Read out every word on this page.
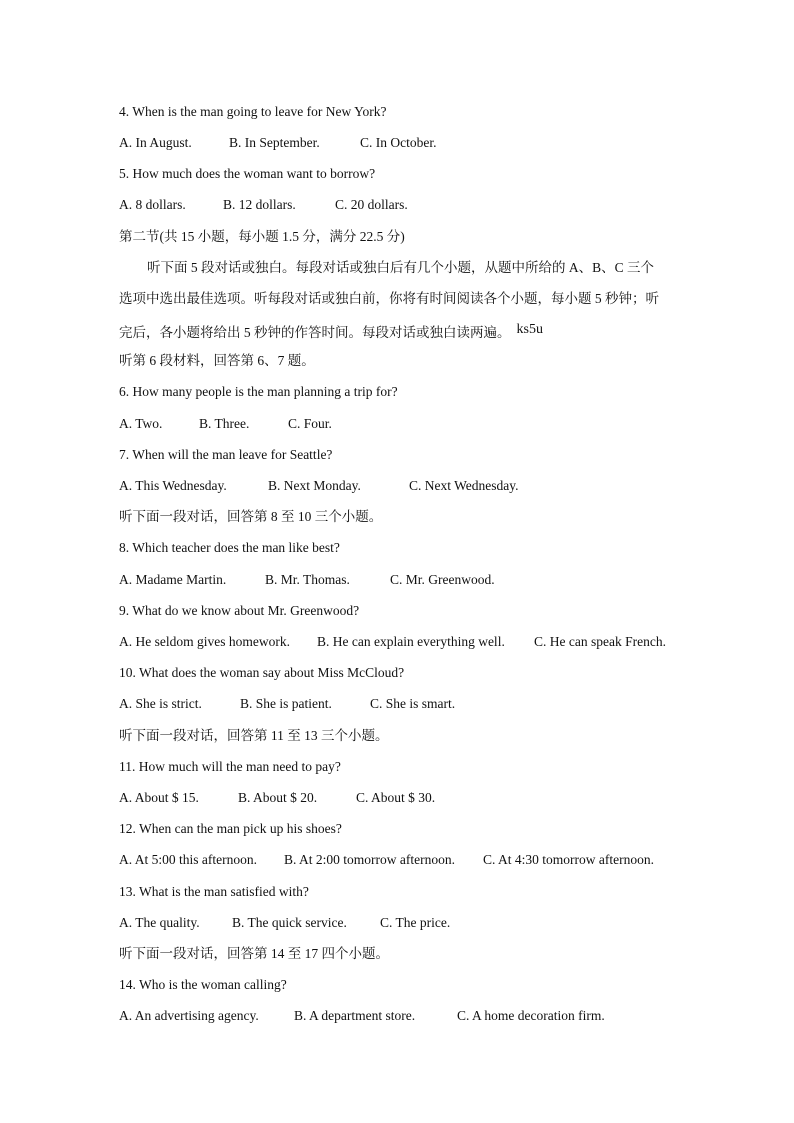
4. When is the man going to leave for New York?
A. In August.	B. In September.	C. In October.
5. How much does the woman want to borrow?
A. 8 dollars.	B. 12 dollars.	C. 20 dollars.
第二节(共 15 小题，每小题 1.5 分，满分 22.5 分)
听下面 5 段对话或独白。每段对话或独白后有几个小题，从题中所给的 A、B、C 三个
选项中选出最佳选项。听每段对话或独白前，你将有时间阅读各个小题，每小题 5 秒钟；听
完后，各小题将给出 5 秒钟的作答时间。每段对话或独白读两遍。 ks5u
听第 6 段材料，回答第 6、7 题。
6. How many people is the man planning a trip for?
A. Two.	B. Three.	C. Four.
7. When will the man leave for Seattle?
A. This Wednesday.	B. Next Monday.	C. Next Wednesday.
听下面一段对话，回答第 8 至 10 三个小题。
8. Which teacher does the man like best?
A. Madame Martin.	B. Mr. Thomas.	C. Mr. Greenwood.
9. What do we know about Mr. Greenwood?
A. He seldom gives homework. B. He can explain everything well. C. He can speak French.
10. What does the woman say about Miss McCloud?
A. She is strict.	B. She is patient.	C. She is smart.
听下面一段对话，回答第 11 至 13 三个小题。
11. How much will the man need to pay?
A. About $ 15.	B. About $ 20.	C. About $ 30.
12. When can the man pick up his shoes?
A. At 5:00 this afternoon. B. At 2:00 tomorrow afternoon. C. At 4:30 tomorrow afternoon.
13. What is the man satisfied with?
A. The quality. B. The quick service. C. The price.
听下面一段对话，回答第 14 至 17 四个小题。
14. Who is the woman calling?
A. An advertising agency.	B. A department store.	C. A home decoration firm.
